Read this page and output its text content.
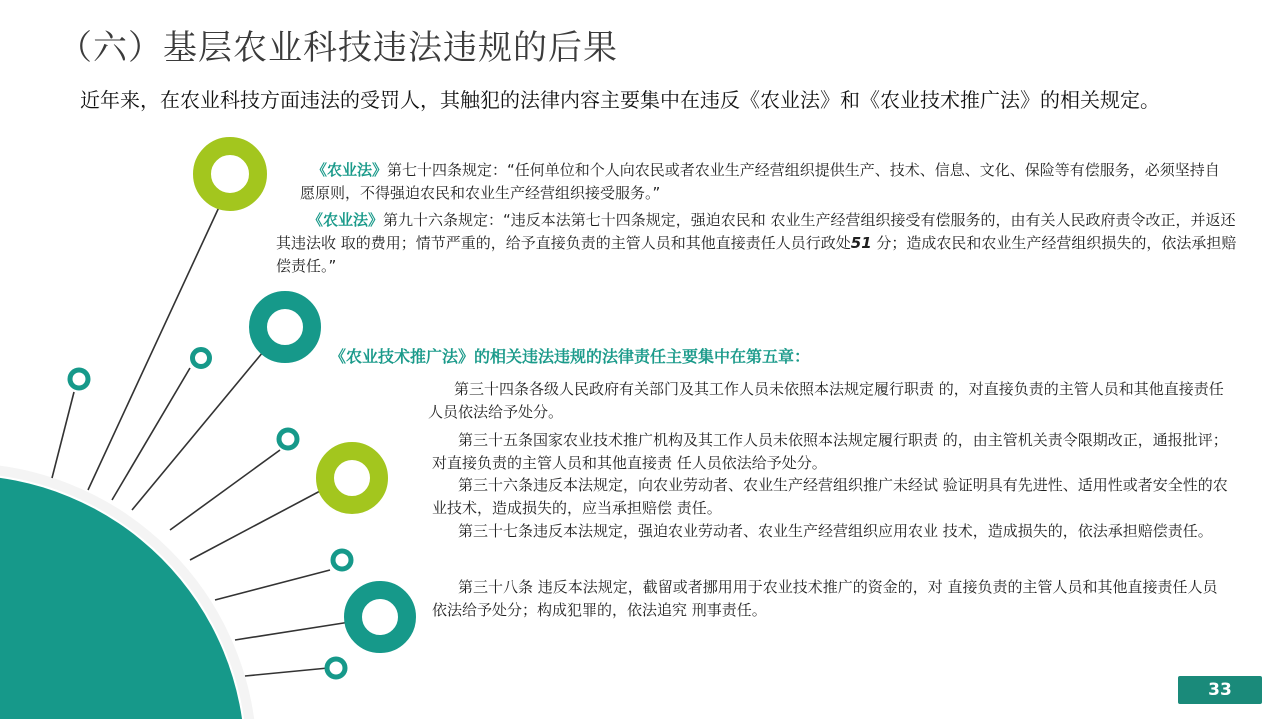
（六）基层农业科技违法违规的后果
近年来，在农业科技方面违法的受罚人，其触犯的法律内容主要集中在违反《农业法》和《农业技术推广法》的相关规定。
《农业法》第七十四条规定：“任何单位和个人向农民或者农业生产经营组织提供生产、技术、信息、文化、保险等有偿服务，必须坚持自愿原则，不得强迫农民和农业生产经营组织接受服务。”
《农业法》第九十六条规定：“违反本法第七十四条规定，强迫农民和 农业生产经营组织接受有偿服务的，由有关人民政府责令改正，并返还其违法收 取的费用；情节严重的，给予直接负责的主管人员和其他直接责任人员行政处51 分；造成农民和农业生产经营组织损失的，依法承担赔偿责任。”
《农业技术推广法》的相关违法违规的法律责任主要集中在第五章：
第三十四条各级人民政府有关部门及其工作人员未依照本法规定履行职责 的，对直接负责的主管人员和其他直接责任人员依法给予处分。
第三十五条国家农业技术推广机构及其工作人员未依照本法规定履行职责 的，由主管机关责令限期改正，通报批评；对直接负责的主管人员和其他直接责 任人员依法给予处分。
第三十六条违反本法规定，向农业劳动者、农业生产经营组织推广未经试 验证明具有先进性、适用性或者安全性的农业技术，造成损失的，应当承担赔偿 责任。
第三十七条违反本法规定，强迫农业劳动者、农业生产经营组织应用农业 技术，造成损失的，依法承担赔偿责任。
第三十八条 违反本法规定，截留或者挪用用于农业技术推广的资金的，对 直接负责的主管人员和其他直接责任人员依法给予处分；构成犯罪的，依法追究 刑事责任。
33
